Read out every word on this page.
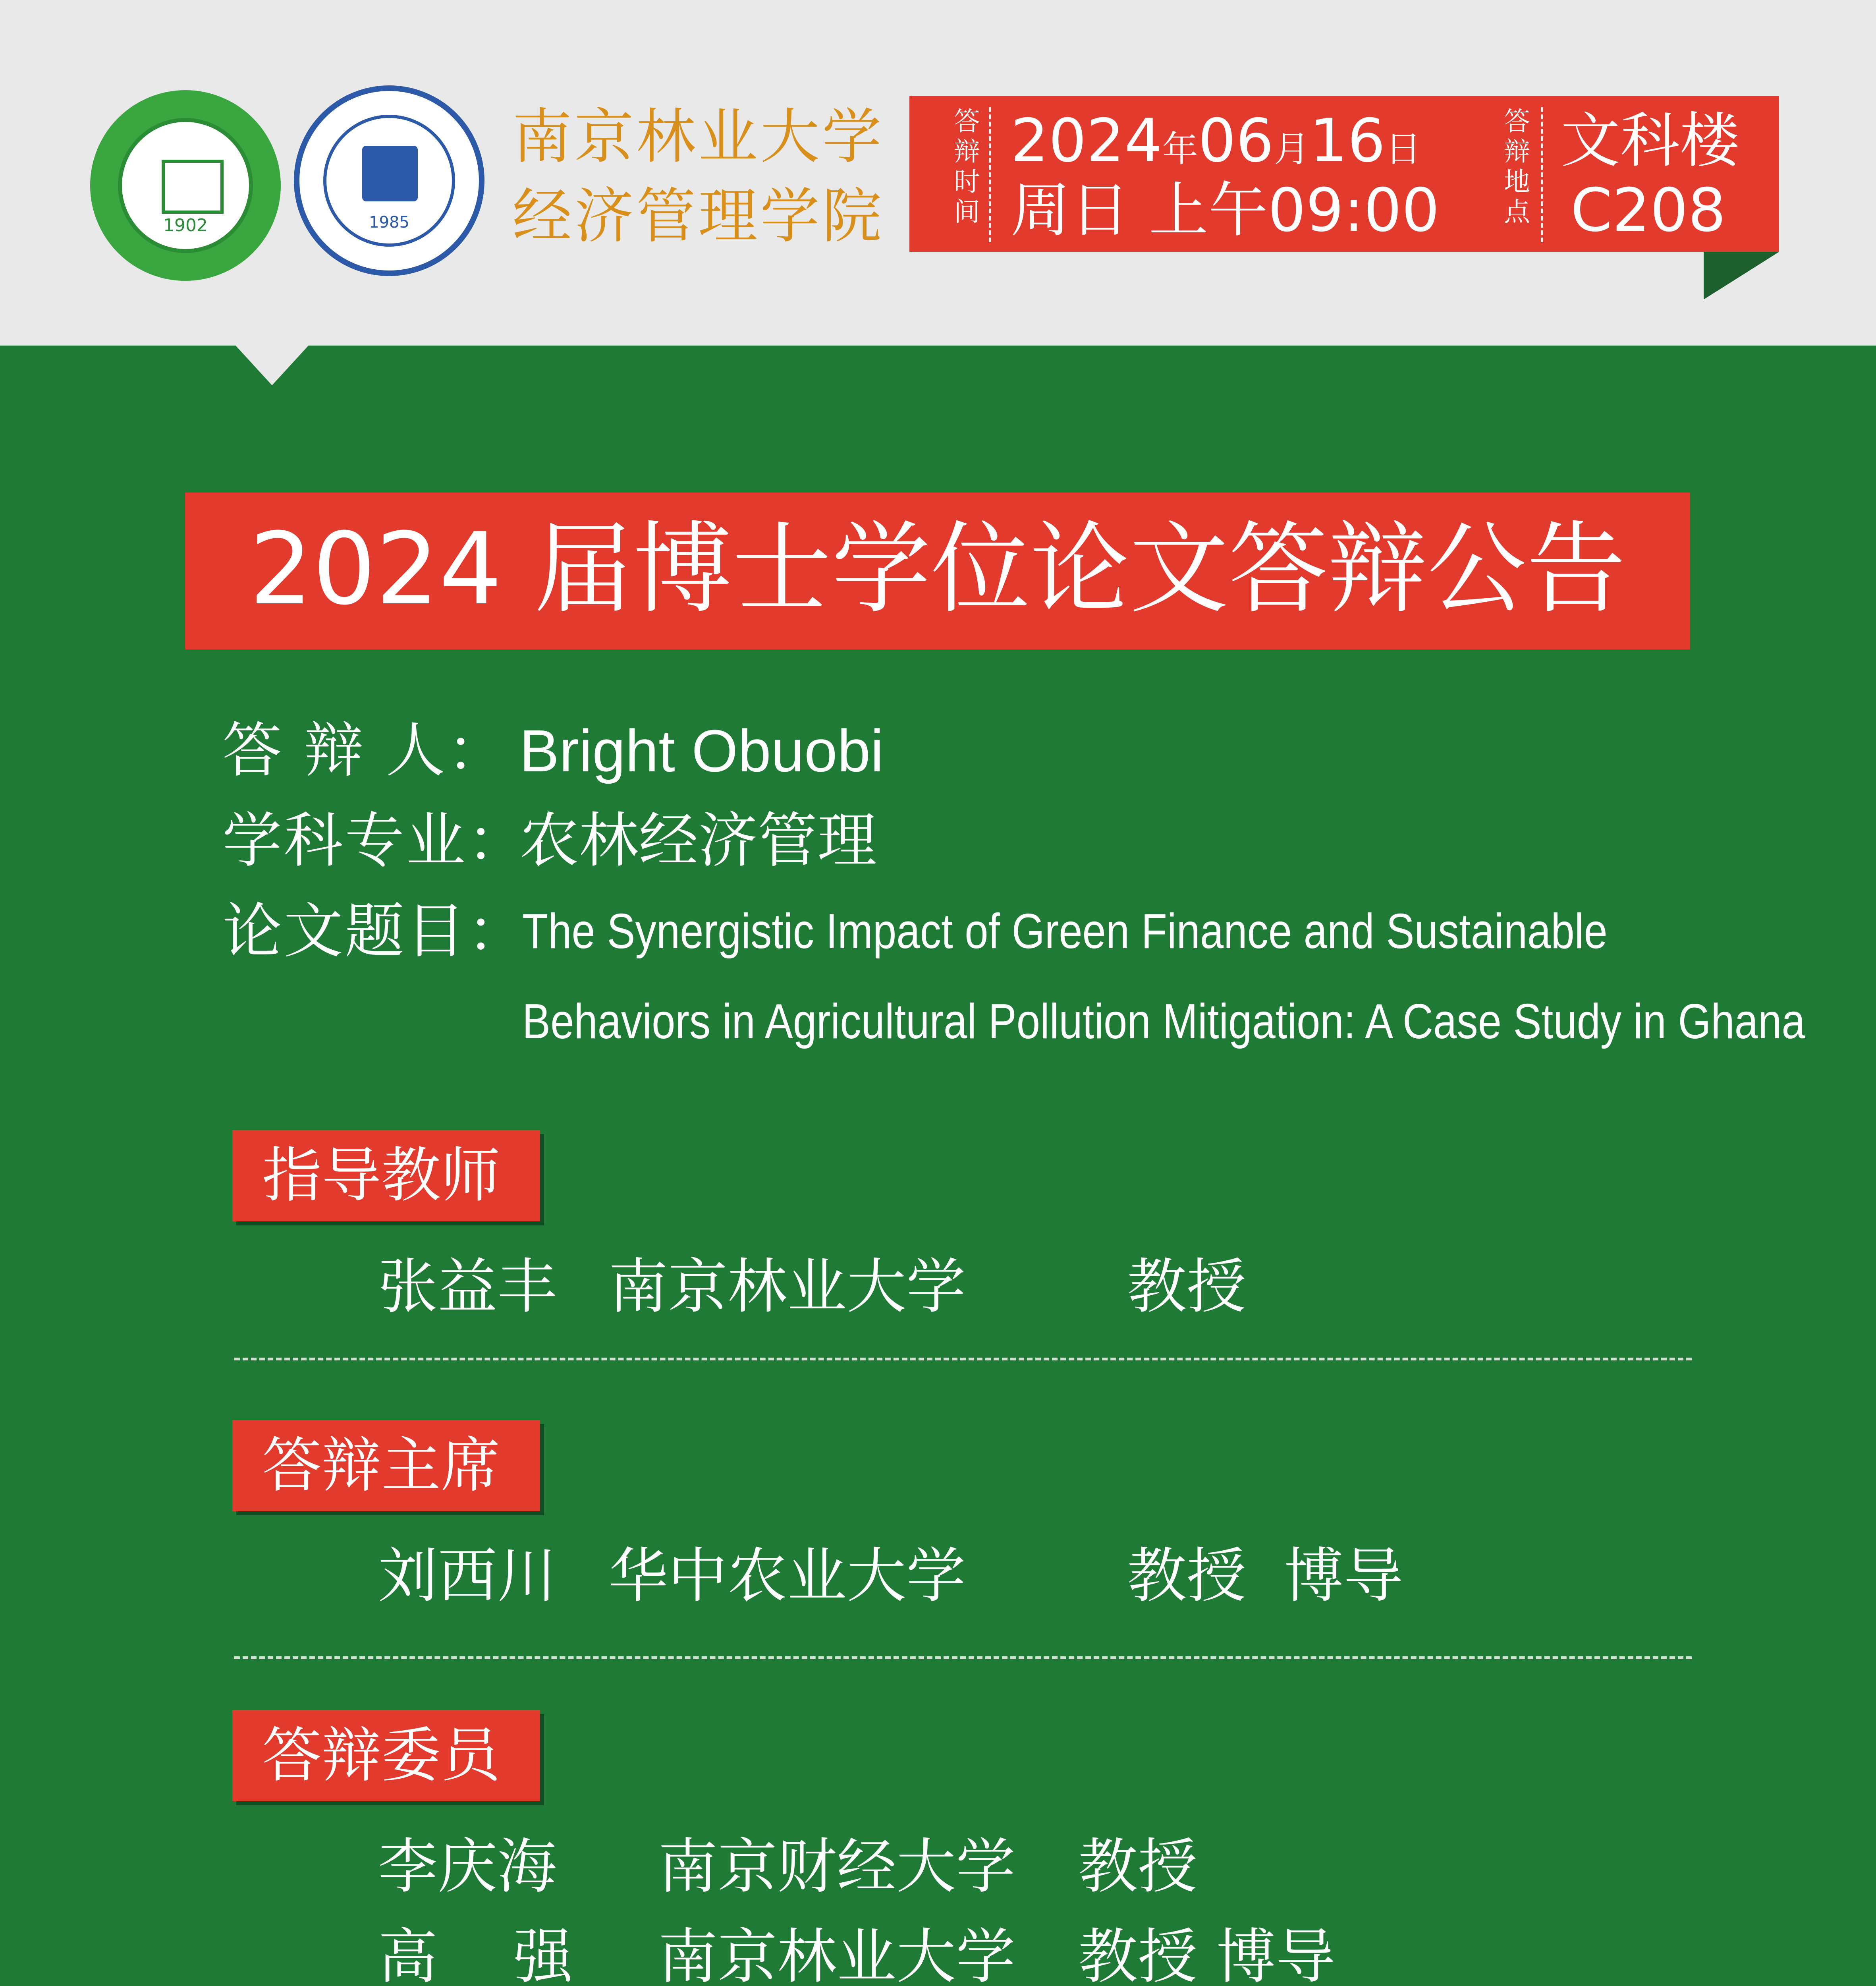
1902	1985
南京林业大学
经济管理学院
答
辩
时
间
2024年06月16日
周日 上午09:00
答
辩
地
点
文科楼
C208
2024 届博士学位论文答辩公告
答 辩 人： Bright Obuobi
学科专业：
农林经济管理
论文题目：
The Synergistic Impact of Green Finance and Sustainable
Behaviors in Agricultural Pollution Mitigation: A Case Study in Ghana
指导教师
张益丰 南京林业大学	教授
答辩主席
刘西川 华中农业大学	教授  博导
答辩委员
李庆海 南京财经大学 教授
高    强 南京林业大学 教授 博导
